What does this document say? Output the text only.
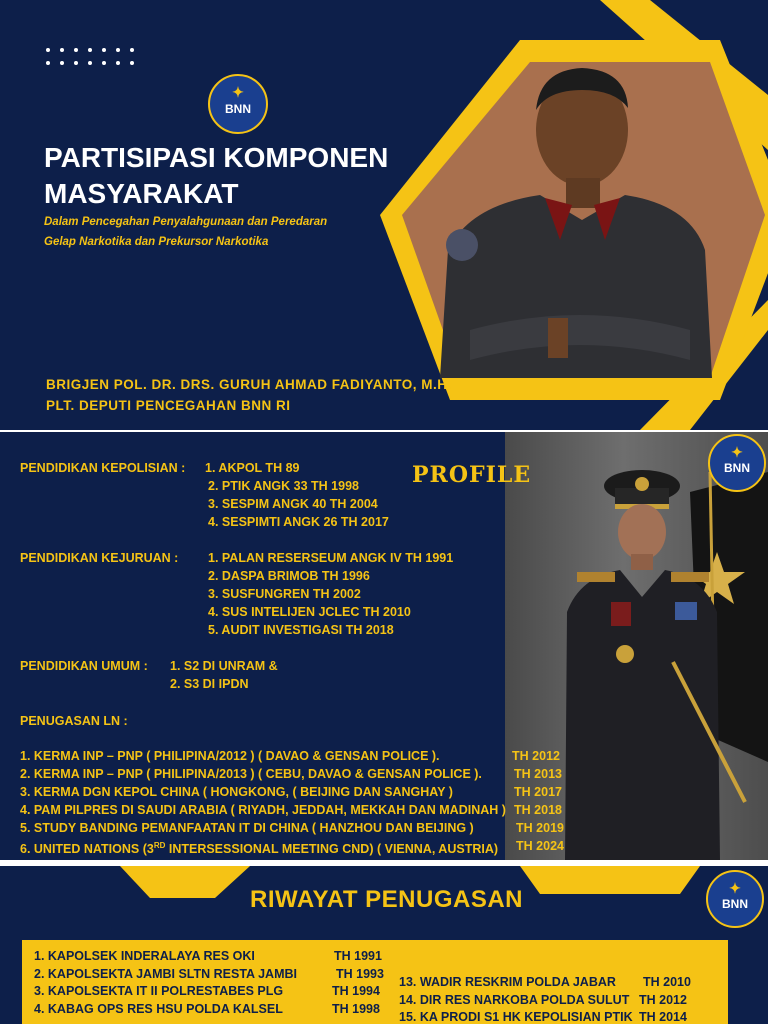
✦
BNN
PARTISIPASI KOMPONEN
MASYARAKAT

Dalam Pencegahan Penyalahgunaan dan Peredaran
Gelap Narkotika dan Prekursor Narkotika

BRIGJEN POL. DR. DRS. GURUH AHMAD FADIYANTO, M.H.
PLT. DEPUTI PENCEGAHAN BNN RI

PROFILE
✦
BNN
PENDIDIKAN KEPOLISIAN : 1. AKPOL TH 89
2. PTIK ANGK 33 TH 1998
3. SESPIM ANGK 40 TH 2004
4. SESPIMTI ANGK 26 TH 2017
PENDIDIKAN KEJURUAN : 1. PALAN RESERSEUM ANGK IV TH 1991
2. DASPA BRIMOB TH 1996
3. SUSFUNGREN TH 2002
4. SUS INTELIJEN JCLEC TH 2010
5. AUDIT INVESTIGASI TH 2018
PENDIDIKAN UMUM : 1. S2 DI UNRAM &
2. S3 DI IPDN
PENUGASAN LN :
1. KERMA INP – PNP ( PHILIPINA/2012 ) ( DAVAO & GENSAN POLICE ).	TH 2012
2. KERMA INP – PNP ( PHILIPINA/2013 ) ( CEBU, DAVAO & GENSAN POLICE ).	TH 2013
3. KERMA DGN KEPOL CHINA ( HONGKONG, ( BEIJING DAN SANGHAY )	TH 2017
4. PAM PILPRES DI SAUDI ARABIA ( RIYADH, JEDDAH, MEKKAH DAN MADINAH ) TH 2018
5. STUDY BANDING PEMANFAATAN IT DI CHINA ( HANZHOU DAN BEIJING )	TH 2019
6. UNITED NATIONS (3RD INTERSESSIONAL MEETING CND) ( VIENNA, AUSTRIA) TH 2024
RIWAYAT PENUGASAN	✦
BNN
1. KAPOLSEK INDERALAYA RES OKI	TH 1991
2. KAPOLSEKTA JAMBI SLTN RESTA JAMBI	TH 1993
3. KAPOLSEKTA IT II POLRESTABES PLG	TH 1994
4. KABAG OPS RES HSU POLDA KALSEL	TH 1998
13. WADIR RESKRIM POLDA JABAR TH 2010
14. DIR RES NARKOBA POLDA SULUT TH 2012
15. KA PRODI S1 HK KEPOLISIAN PTIK TH 2014
